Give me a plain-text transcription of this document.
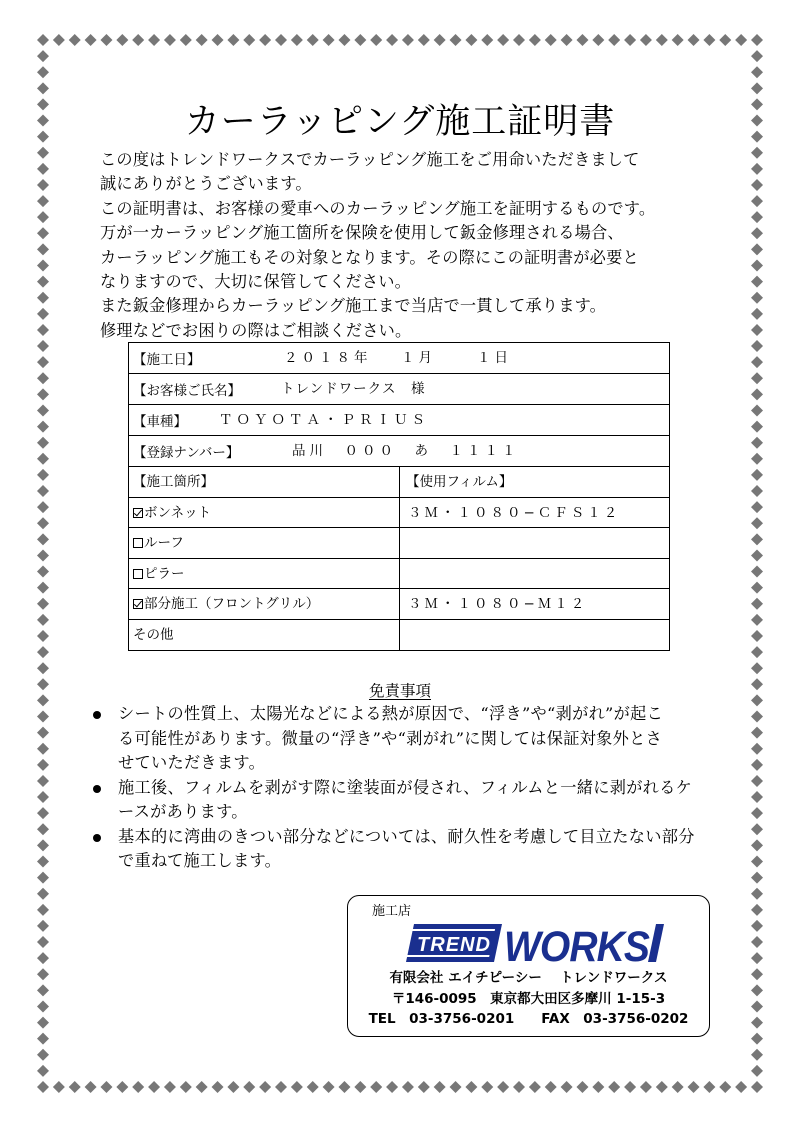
カーラッピング施工証明書
この度はトレンドワークスでカーラッピング施工をご用命いただきまして
誠にありがとうございます。
この証明書は、お客様の愛車へのカーラッピング施工を証明するものです。
万が一カーラッピング施工箇所を保険を使用して鈑金修理される場合、
カーラッピング施工もその対象となります。その際にこの証明書が必要と
なりますので、大切に保管してください。
また鈑金修理からカーラッピング施工まで当店で一貫して承ります。
修理などでお困りの際はご相談ください。
【施工日】	２０１８年 １月	１日
【お客様ご氏名】	トレンドワークス　様
【車種】 ＴＯＹＯＴＡ・ＰＲＩＵＳ
【登録ナンバー】	品川　０００　あ　１１１１
【施工箇所】	【使用フィルム】
ボンネット	３Ｍ・１０８０−ＣＦＳ１２
ルーフ
ピラー
部分施工（フロントグリル）	３Ｍ・１０８０−Ｍ１２
その他
免責事項
シートの性質上、太陽光などによる熱が原因で、“浮き”や“剥がれ”が起こ
る可能性があります。微量の“浮き”や“剥がれ”に関しては保証対象外とさ
せていただきます。
施工後、フィルムを剥がす際に塗装面が侵され、フィルムと一緒に剥がれるケ
ースがあります。
基本的に湾曲のきつい部分などについては、耐久性を考慮して目立たない部分
で重ねて施工します。
施工店
TREND WORKS
有限会社 エイチピーシー　 トレンドワークス
〒146-0095　東京都大田区多摩川 1-15-3
TEL　03-3756-0201　　FAX　03-3756-0202
